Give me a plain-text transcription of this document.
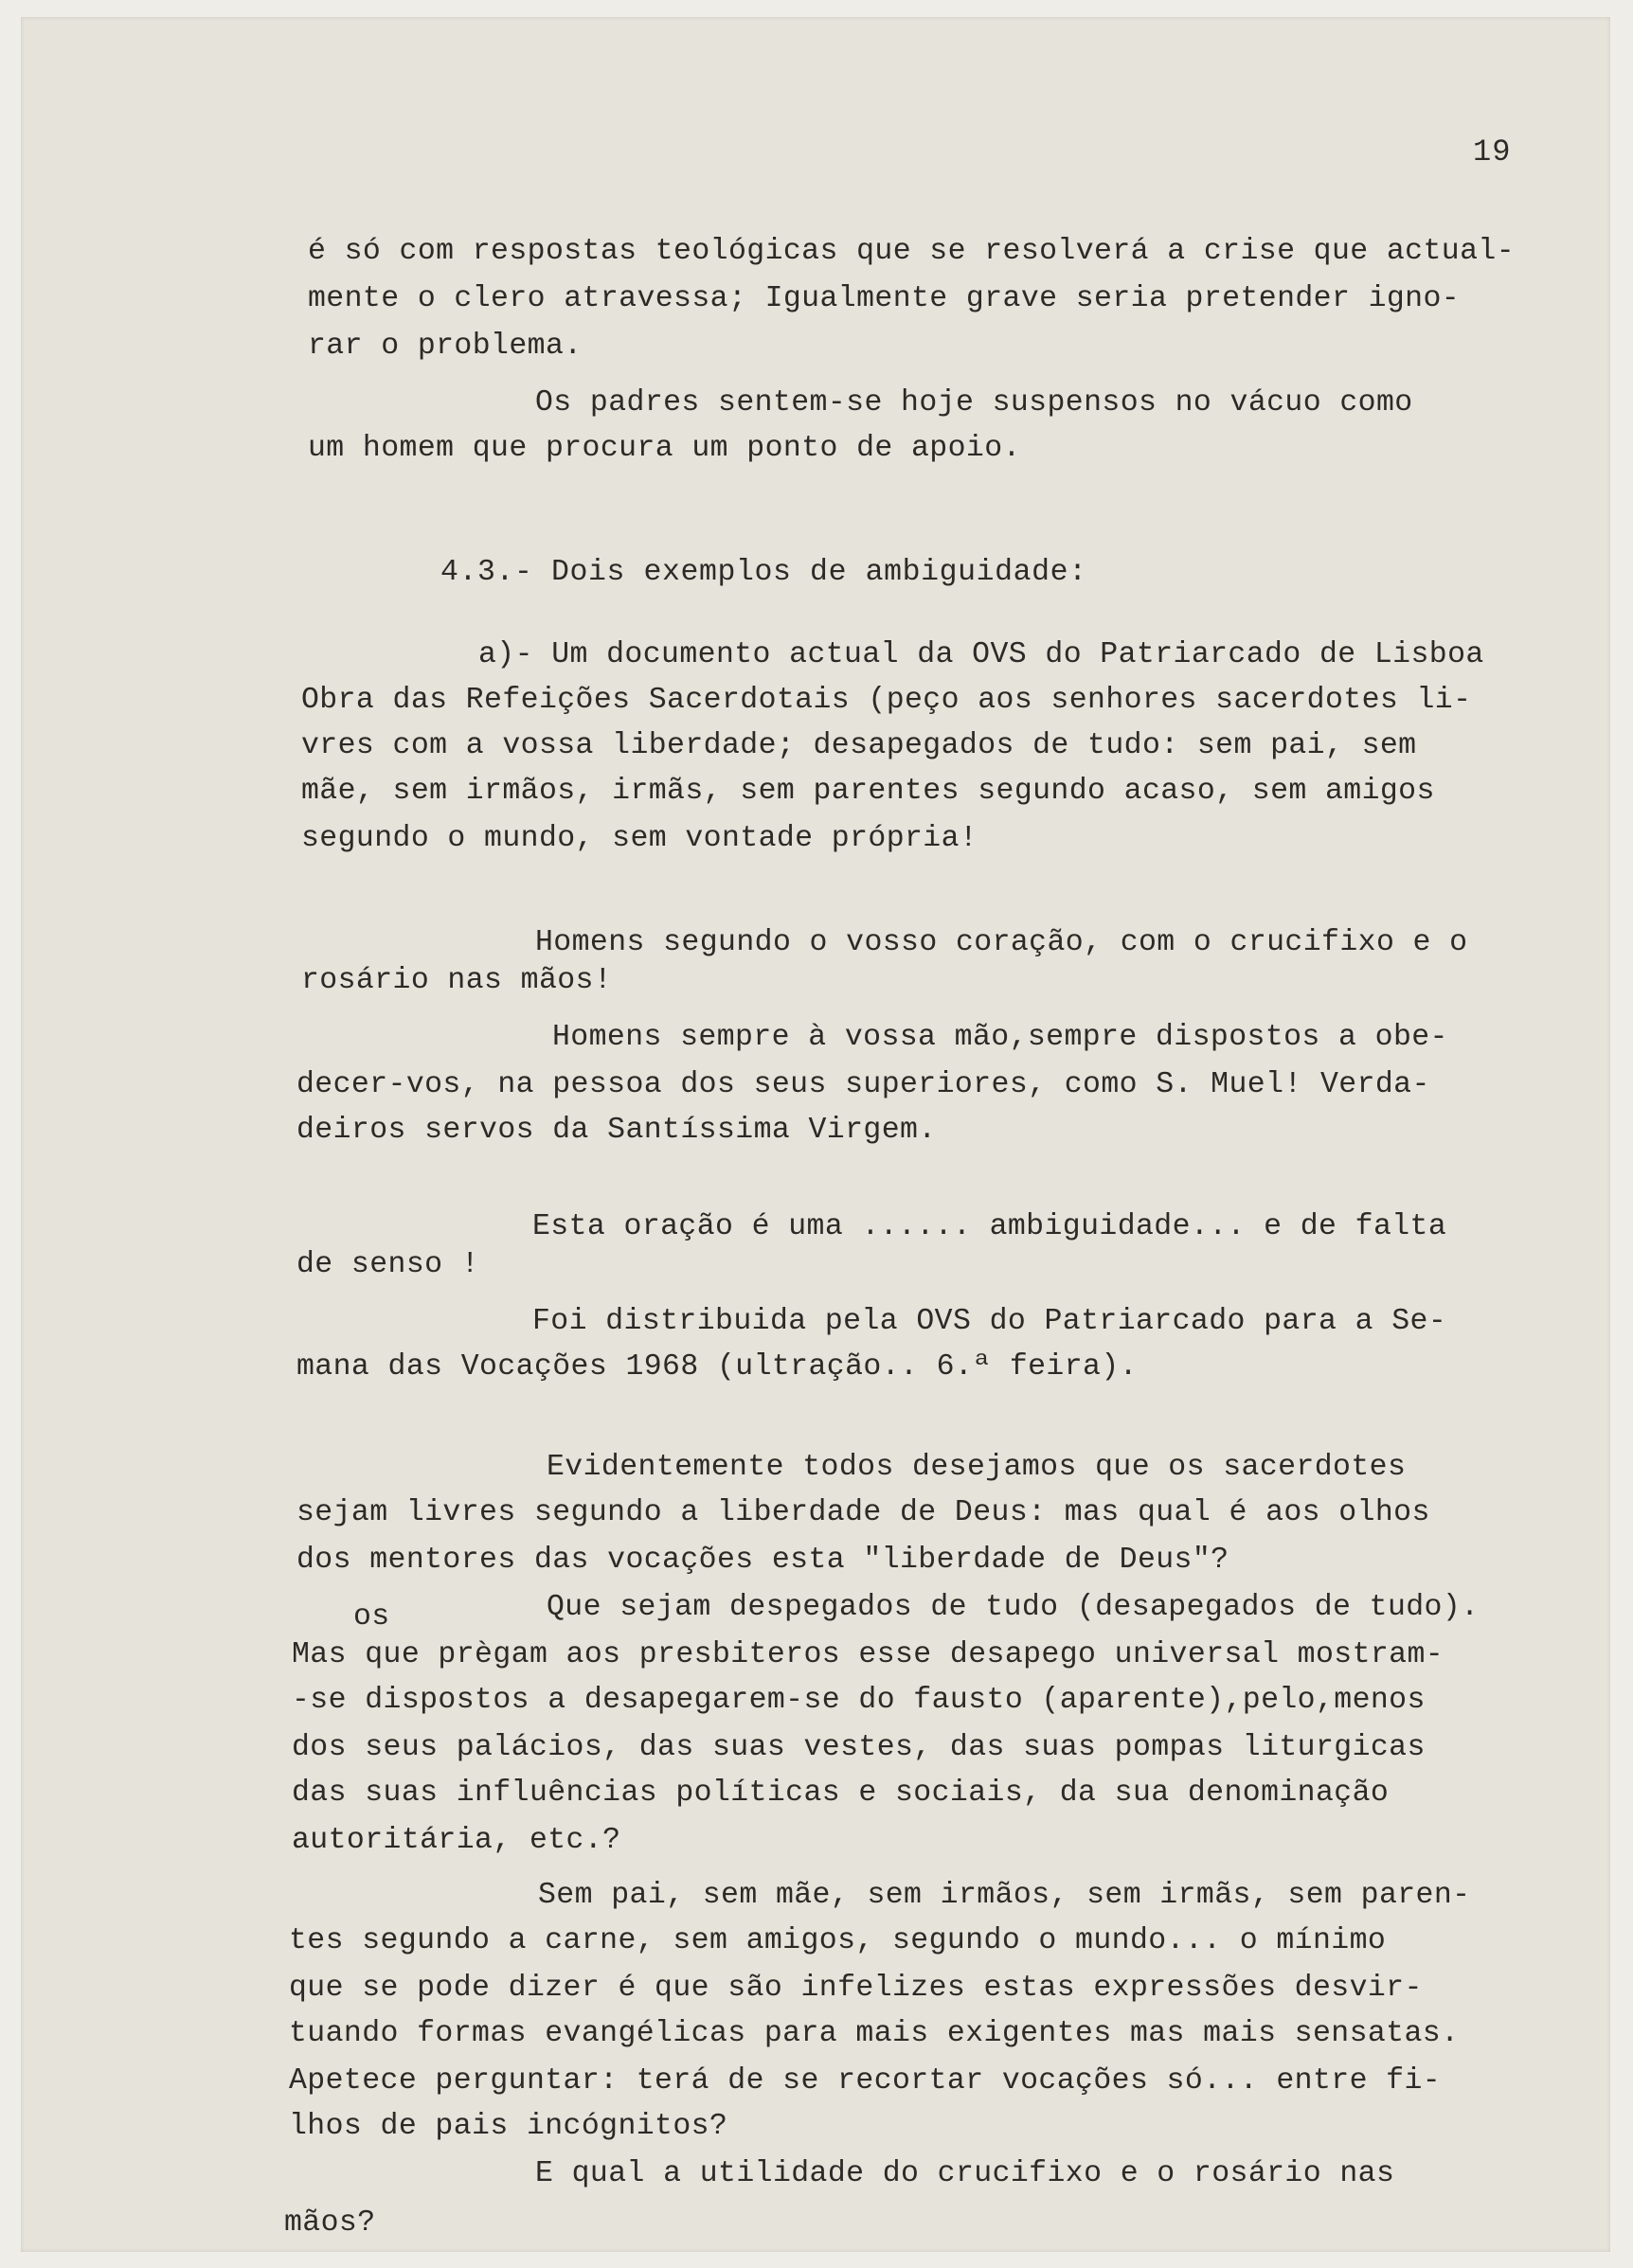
19
é só com respostas teológicas que se resolverá a crise que actual-
mente o clero atravessa; Igualmente grave seria pretender igno-
rar o problema.
Os padres sentem-se hoje suspensos no vácuo como
um homem que procura um ponto de apoio.
4.3.- Dois exemplos de ambiguidade:
a)- Um documento actual da OVS do Patriarcado de Lisboa
Obra das Refeições Sacerdotais (peço aos senhores sacerdotes li-
vres com a vossa liberdade; desapegados de tudo: sem pai, sem
mãe, sem irmãos, irmãs, sem parentes segundo acaso, sem amigos
segundo o mundo, sem vontade própria!
Homens segundo o vosso coração, com o crucifixo e o
rosário nas mãos!
Homens sempre à vossa mão,sempre dispostos a obe-
decer-vos, na pessoa dos seus superiores, como S. Muel! Verda-
deiros servos da Santíssima Virgem.
Esta oração é uma ...... ambiguidade... e de falta
de senso !
Foi distribuida pela OVS do Patriarcado para a Se-
mana das Vocações 1968 (ultração.. 6.ª feira).
Evidentemente todos desejamos que os sacerdotes
sejam livres segundo a liberdade de Deus: mas qual é aos olhos
dos mentores das vocações esta "liberdade de Deus"?
Que sejam despegados de tudo (desapegados de tudo).
os
Mas que prègam aos presbiteros esse desapego universal mostram-
-se dispostos a desapegarem-se do fausto (aparente),pelo,menos
dos seus palácios, das suas vestes, das suas pompas liturgicas
das suas influências políticas e sociais, da sua denominação
autoritária, etc.?
Sem pai, sem mãe, sem irmãos, sem irmãs, sem paren-
tes segundo a carne, sem amigos, segundo o mundo... o mínimo
que se pode dizer é que são infelizes estas expressões desvir-
tuando formas evangélicas para mais exigentes mas mais sensatas.
Apetece perguntar: terá de se recortar vocações só... entre fi-
lhos de pais incógnitos?
E qual a utilidade do crucifixo e o rosário nas
mãos?
